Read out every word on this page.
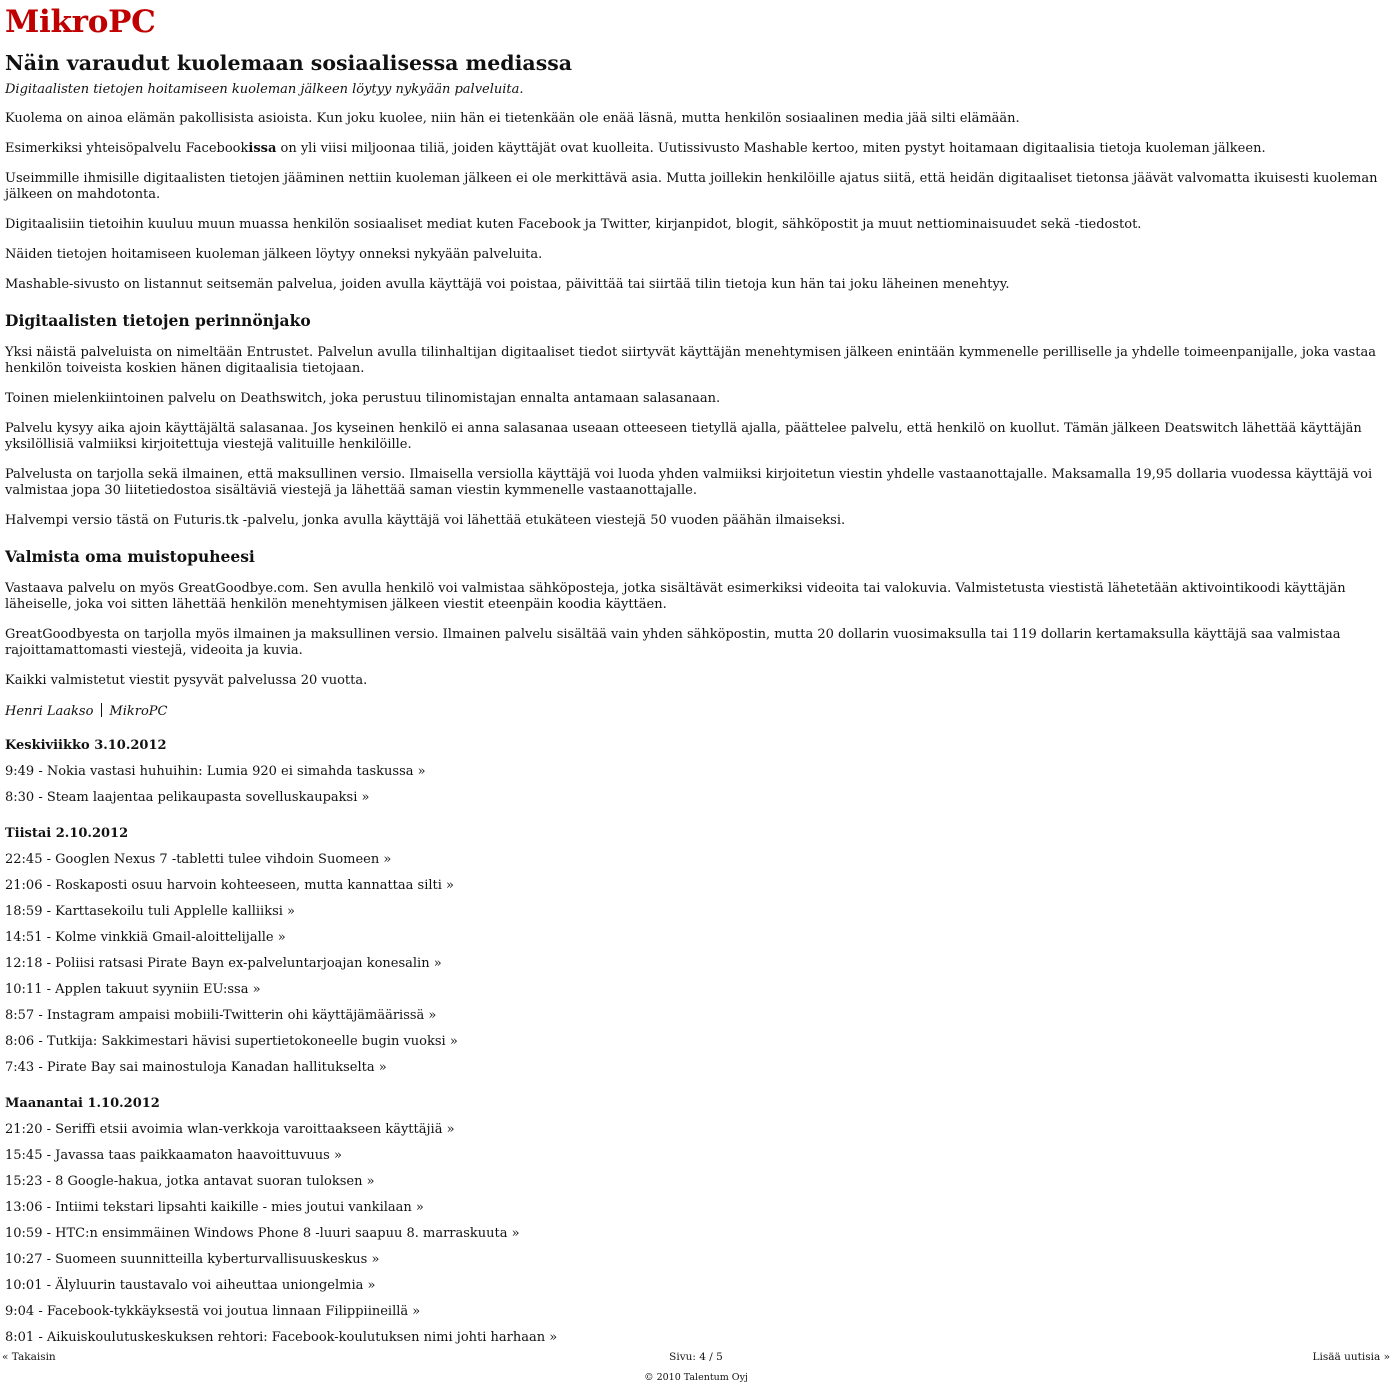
MikroPC
Näin varaudut kuolemaan sosiaalisessa mediassa

Digitaalisten tietojen hoitamiseen kuoleman jälkeen löytyy nykyään palveluita.

Kuolema on ainoa elämän pakollisista asioista. Kun joku kuolee, niin hän ei tietenkään ole enää läsnä, mutta henkilön sosiaalinen media jää silti elämään.

Esimerkiksi yhteisöpalvelu Facebookissa on yli viisi miljoonaa tiliä, joiden käyttäjät ovat kuolleita. Uutissivusto Mashable kertoo, miten pystyt hoitamaan digitaalisia tietoja kuoleman jälkeen.

Useimmille ihmisille digitaalisten tietojen jääminen nettiin kuoleman jälkeen ei ole merkittävä asia. Mutta joillekin henkilöille ajatus siitä, että heidän digitaaliset tietonsa jäävät valvomatta ikuisesti kuoleman jälkeen on mahdotonta.

Digitaalisiin tietoihin kuuluu muun muassa henkilön sosiaaliset mediat kuten Facebook ja Twitter, kirjanpidot, blogit, sähköpostit ja muut nettiominaisuudet sekä -tiedostot.

Näiden tietojen hoitamiseen kuoleman jälkeen löytyy onneksi nykyään palveluita.

Mashable-sivusto on listannut seitsemän palvelua, joiden avulla käyttäjä voi poistaa, päivittää tai siirtää tilin tietoja kun hän tai joku läheinen menehtyy.

Digitaalisten tietojen perinnönjako

Yksi näistä palveluista on nimeltään Entrustet. Palvelun avulla tilinhaltijan digitaaliset tiedot siirtyvät käyttäjän menehtymisen jälkeen enintään kymmenelle perilliselle ja yhdelle toimeenpanijalle, joka vastaa henkilön toiveista koskien hänen digitaalisia tietojaan.

Toinen mielenkiintoinen palvelu on Deathswitch, joka perustuu tilinomistajan ennalta antamaan salasanaan.

Palvelu kysyy aika ajoin käyttäjältä salasanaa. Jos kyseinen henkilö ei anna salasanaa useaan otteeseen tietyllä ajalla, päättelee palvelu, että henkilö on kuollut. Tämän jälkeen Deatswitch lähettää käyttäjän yksilöllisiä valmiiksi kirjoitettuja viestejä valituille henkilöille.

Palvelusta on tarjolla sekä ilmainen, että maksullinen versio. Ilmaisella versiolla käyttäjä voi luoda yhden valmiiksi kirjoitetun viestin yhdelle vastaanottajalle. Maksamalla 19,95 dollaria vuodessa käyttäjä voi valmistaa jopa 30 liitetiedostoa sisältäviä viestejä ja lähettää saman viestin kymmenelle vastaanottajalle.

Halvempi versio tästä on Futuris.tk -palvelu, jonka avulla käyttäjä voi lähettää etukäteen viestejä 50 vuoden päähän ilmaiseksi.

Valmista oma muistopuheesi

Vastaava palvelu on myös GreatGoodbye.com. Sen avulla henkilö voi valmistaa sähköposteja, jotka sisältävät esimerkiksi videoita tai valokuvia. Valmistetusta viestistä lähetetään aktivointikoodi käyttäjän läheiselle, joka voi sitten lähettää henkilön menehtymisen jälkeen viestit eteenpäin koodia käyttäen.

GreatGoodbyesta on tarjolla myös ilmainen ja maksullinen versio. Ilmainen palvelu sisältää vain yhden sähköpostin, mutta 20 dollarin vuosimaksulla tai 119 dollarin kertamaksulla käyttäjä saa valmistaa rajoittamattomasti viestejä, videoita ja kuvia.

Kaikki valmistetut viestit pysyvät palvelussa 20 vuotta.

Henri Laakso MikroPC
Keskiviikko 3.10.2012
9:49 - Nokia vastasi huhuihin: Lumia 920 ei simahda taskussa »
8:30 - Steam laajentaa pelikaupasta sovelluskaupaksi »
Tiistai 2.10.2012
22:45 - Googlen Nexus 7 -tabletti tulee vihdoin Suomeen »
21:06 - Roskaposti osuu harvoin kohteeseen, mutta kannattaa silti »
18:59 - Karttasekoilu tuli Applelle kalliiksi »
14:51 - Kolme vinkkiä Gmail-aloittelijalle »
12:18 - Poliisi ratsasi Pirate Bayn ex-palveluntarjoajan konesalin »
10:11 - Applen takuut syyniin EU:ssa »
8:57 - Instagram ampaisi mobiili-Twitterin ohi käyttäjämäärissä »
8:06 - Tutkija: Sakkimestari hävisi supertietokoneelle bugin vuoksi »
7:43 - Pirate Bay sai mainostuloja Kanadan hallitukselta »
Maanantai 1.10.2012
21:20 - Seriffi etsii avoimia wlan-verkkoja varoittaakseen käyttäjiä »
15:45 - Javassa taas paikkaamaton haavoittuvuus »
15:23 - 8 Google-hakua, jotka antavat suoran tuloksen »
13:06 - Intiimi tekstari lipsahti kaikille - mies joutui vankilaan »
10:59 - HTC:n ensimmäinen Windows Phone 8 -luuri saapuu 8. marraskuuta »
10:27 - Suomeen suunnitteilla kyberturvallisuuskeskus »
10:01 - Älyluurin taustavalo voi aiheuttaa uniongelmia »
9:04 - Facebook-tykkäyksestä voi joutua linnaan Filippiineillä »
8:01 - Aikuiskoulutuskeskuksen rehtori: Facebook-koulutuksen nimi johti harhaan »
« Takaisin	Sivu: 4 / 5	Lisää uutisia »
© 2010 Talentum Oyj
